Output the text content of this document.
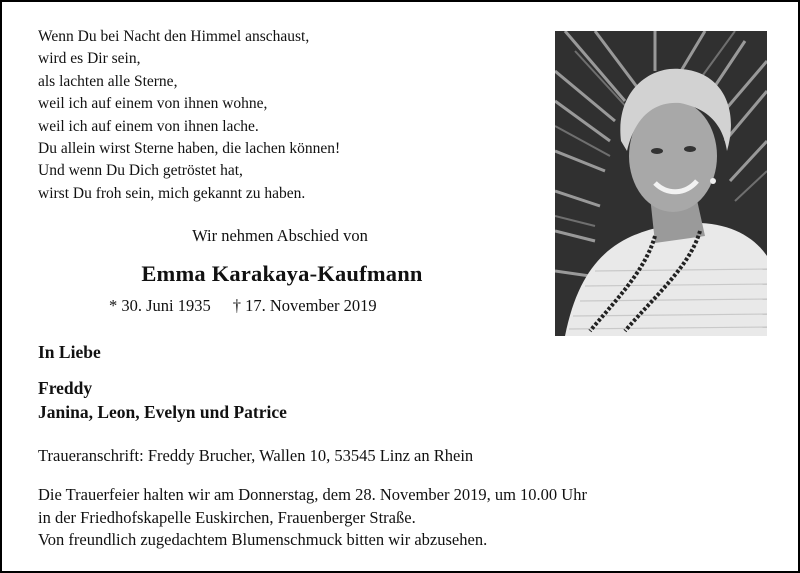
Wenn Du bei Nacht den Himmel anschaust,
wird es Dir sein,
als lachten alle Sterne,
weil ich auf einem von ihnen wohne,
weil ich auf einem von ihnen lache.
Du allein wirst Sterne haben, die lachen können!
Und wenn Du Dich getröstet hat,
wirst Du froh sein, mich gekannt zu haben.
Wir nehmen Abschied von
Emma Karakaya-Kaufmann
* 30. Juni 1935 † 17. November 2019
In Liebe
Freddy
Janina, Leon, Evelyn und Patrice
Traueranschrift: Freddy Brucher, Wallen 10, 53545 Linz an Rhein
Die Trauerfeier halten wir am Donnerstag, dem 28. November 2019, um 10.00 Uhr
in der Friedhofskapelle Euskirchen, Frauenberger Straße.
Von freundlich zugedachtem Blumenschmuck bitten wir abzusehen.
